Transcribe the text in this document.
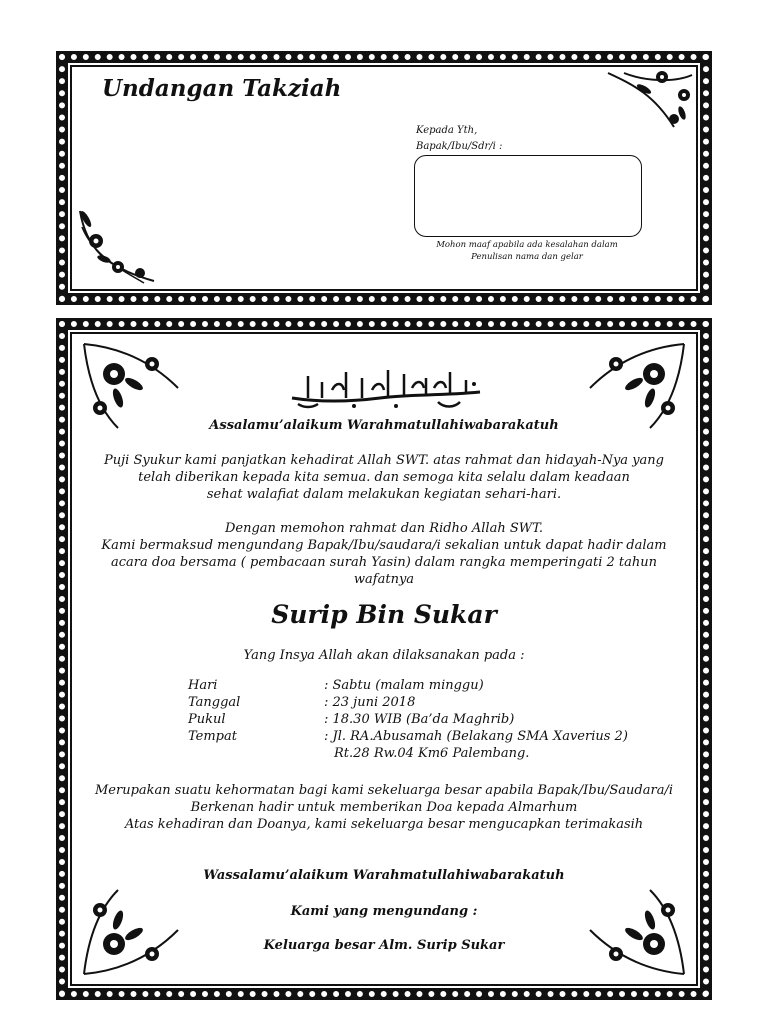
Undangan Takziah
Kepada Yth,
Bapak/Ibu/Sdr/i :
Mohon maaf apabila ada kesalahan dalam
Penulisan nama dan gelar
Assalamu’alaikum Warahmatullahiwabarakatuh
Puji Syukur kami panjatkan kehadirat Allah SWT. atas rahmat dan hidayah-Nya yang
telah diberikan kepada kita semua. dan semoga kita selalu dalam keadaan
sehat walafiat dalam melakukan kegiatan sehari-hari.
Dengan memohon rahmat dan Ridho Allah SWT.
Kami bermaksud mengundang Bapak/Ibu/saudara/i sekalian untuk dapat hadir dalam
acara doa bersama ( pembacaan surah Yasin) dalam rangka memperingati 2 tahun
wafatnya
Surip Bin Sukar
Yang Insya Allah akan dilaksanakan pada :
Hari	: Sabtu (malam minggu)
Tanggal	: 23 juni 2018
Pukul	: 18.30 WIB (Ba’da Maghrib)
Tempat	: Jl. RA.Abusamah (Belakang SMA Xaverius 2)
Rt.28 Rw.04 Km6 Palembang.
Merupakan suatu kehormatan bagi kami sekeluarga besar apabila Bapak/Ibu/Saudara/i
Berkenan hadir untuk memberikan Doa kepada Almarhum
Atas kehadiran dan Doanya, kami sekeluarga besar mengucapkan terimakasih
Wassalamu’alaikum Warahmatullahiwabarakatuh
Kami yang mengundang :
Keluarga besar Alm. Surip Sukar
